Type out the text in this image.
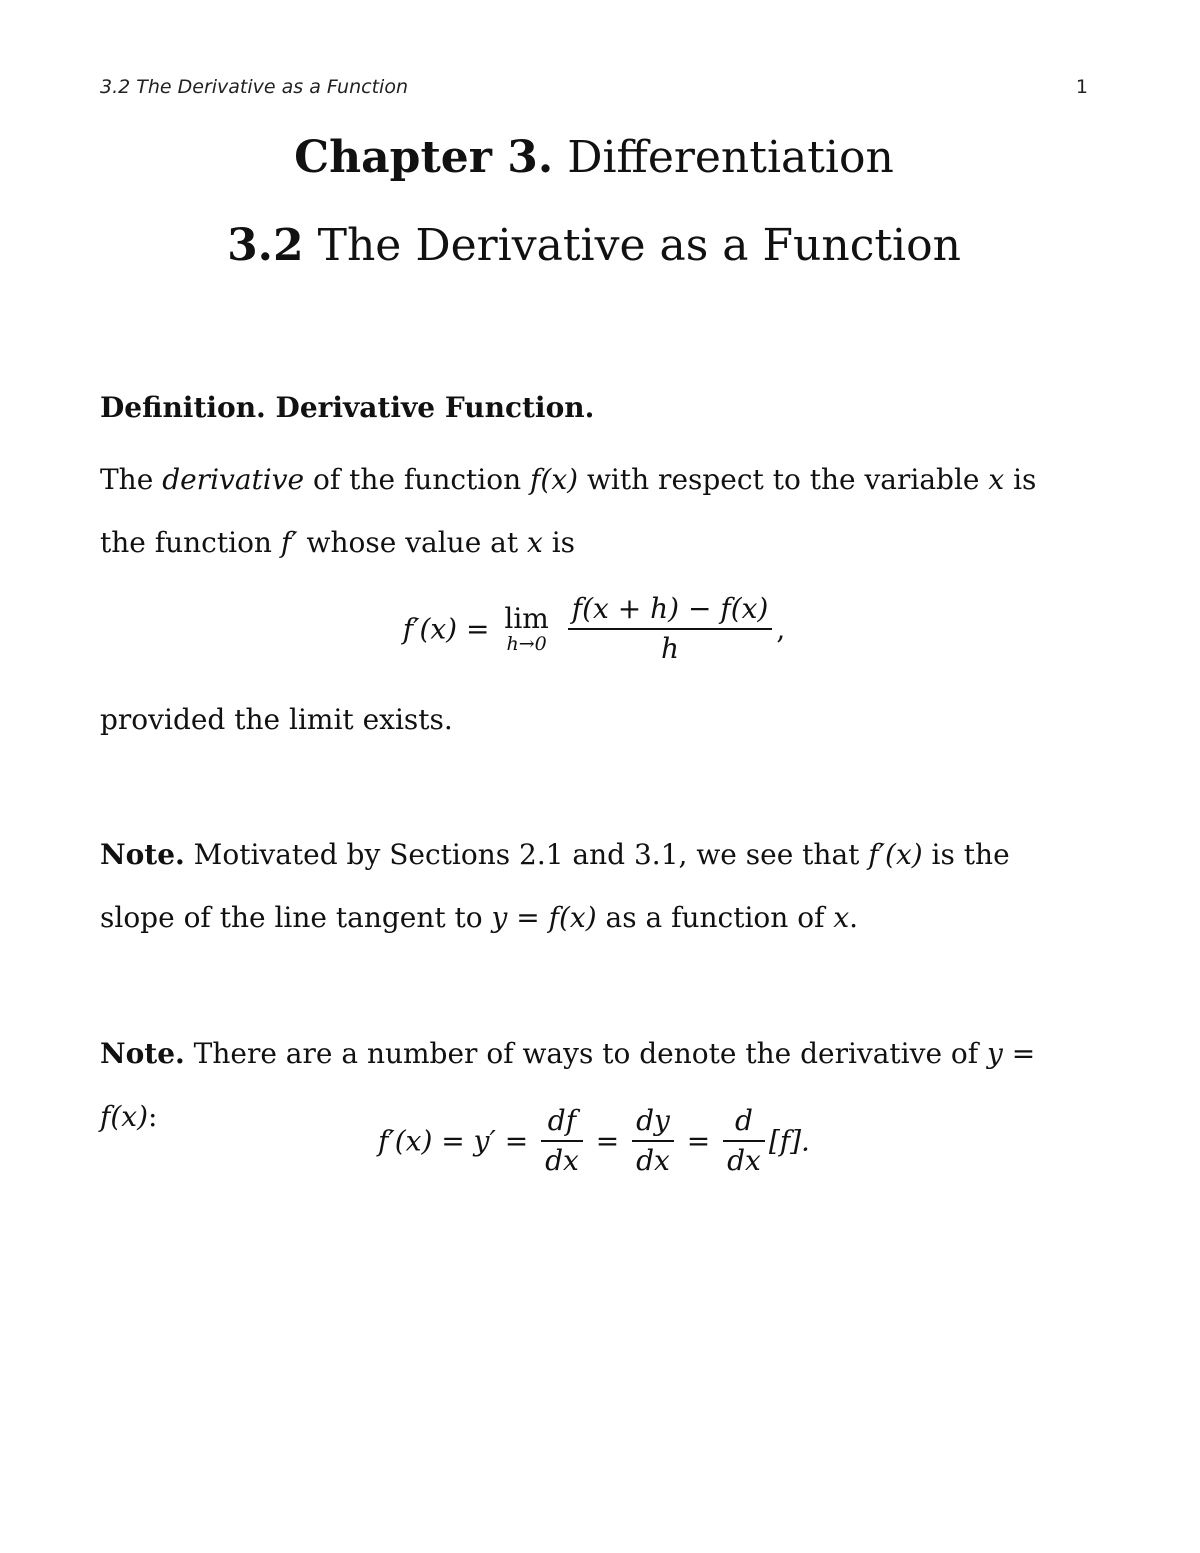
3.2 The Derivative as a Function	1
Chapter 3. Differentiation
3.2 The Derivative as a Function
Definition. Derivative Function.
The derivative of the function f(x) with respect to the variable x is the function f′ whose value at x is
f′(x) = lim
h→0
$\frac{f(x + h) - f(x)}{h}$ ,
provided the limit exists.
Note. Motivated by Sections 2.1 and 3.1, we see that f′(x) is the slope of the line tangent to y = f(x) as a function of x.
Note. There are a number of ways to denote the derivative of y = f(x):
$f'(x) = y' = \frac{df}{dx} = \frac{dy}{dx} = \frac{d}{dx} [f]$.
